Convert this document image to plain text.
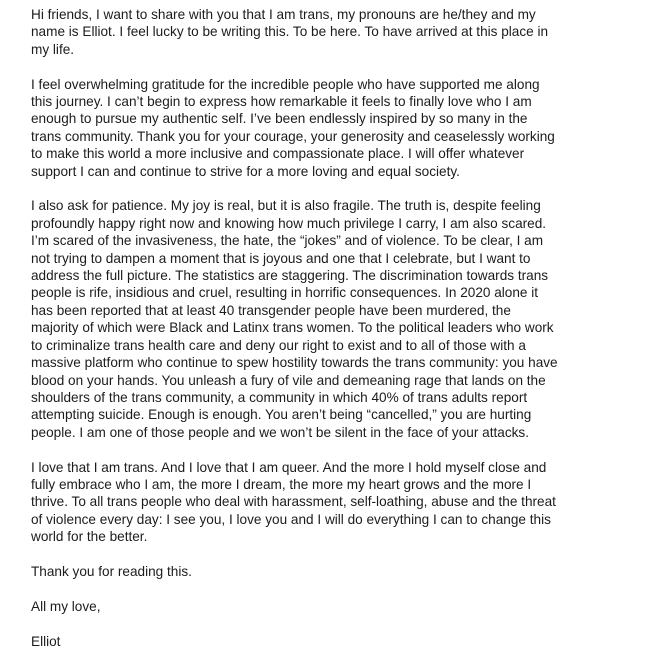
Hi friends, I want to share with you that I am trans, my pronouns are he/they and my
name is Elliot. I feel lucky to be writing this. To be here. To have arrived at this place in
my life.

I feel overwhelming gratitude for the incredible people who have supported me along
this journey. I can’t begin to express how remarkable it feels to finally love who I am
enough to pursue my authentic self. I’ve been endlessly inspired by so many in the
trans community. Thank you for your courage, your generosity and ceaselessly working
to make this world a more inclusive and compassionate place. I will offer whatever
support I can and continue to strive for a more loving and equal society.

I also ask for patience. My joy is real, but it is also fragile. The truth is, despite feeling
profoundly happy right now and knowing how much privilege I carry, I am also scared.
I’m scared of the invasiveness, the hate, the “jokes” and of violence. To be clear, I am
not trying to dampen a moment that is joyous and one that I celebrate, but I want to
address the full picture. The statistics are staggering. The discrimination towards trans
people is rife, insidious and cruel, resulting in horrific consequences. In 2020 alone it
has been reported that at least 40 transgender people have been murdered, the
majority of which were Black and Latinx trans women. To the political leaders who work
to criminalize trans health care and deny our right to exist and to all of those with a
massive platform who continue to spew hostility towards the trans community: you have
blood on your hands. You unleash a fury of vile and demeaning rage that lands on the
shoulders of the trans community, a community in which 40% of trans adults report
attempting suicide. Enough is enough. You aren’t being “cancelled,” you are hurting
people. I am one of those people and we won’t be silent in the face of your attacks.

I love that I am trans. And I love that I am queer. And the more I hold myself close and
fully embrace who I am, the more I dream, the more my heart grows and the more I
thrive. To all trans people who deal with harassment, self-loathing, abuse and the threat
of violence every day: I see you, I love you and I will do everything I can to change this
world for the better.

Thank you for reading this.

All my love,

Elliot
